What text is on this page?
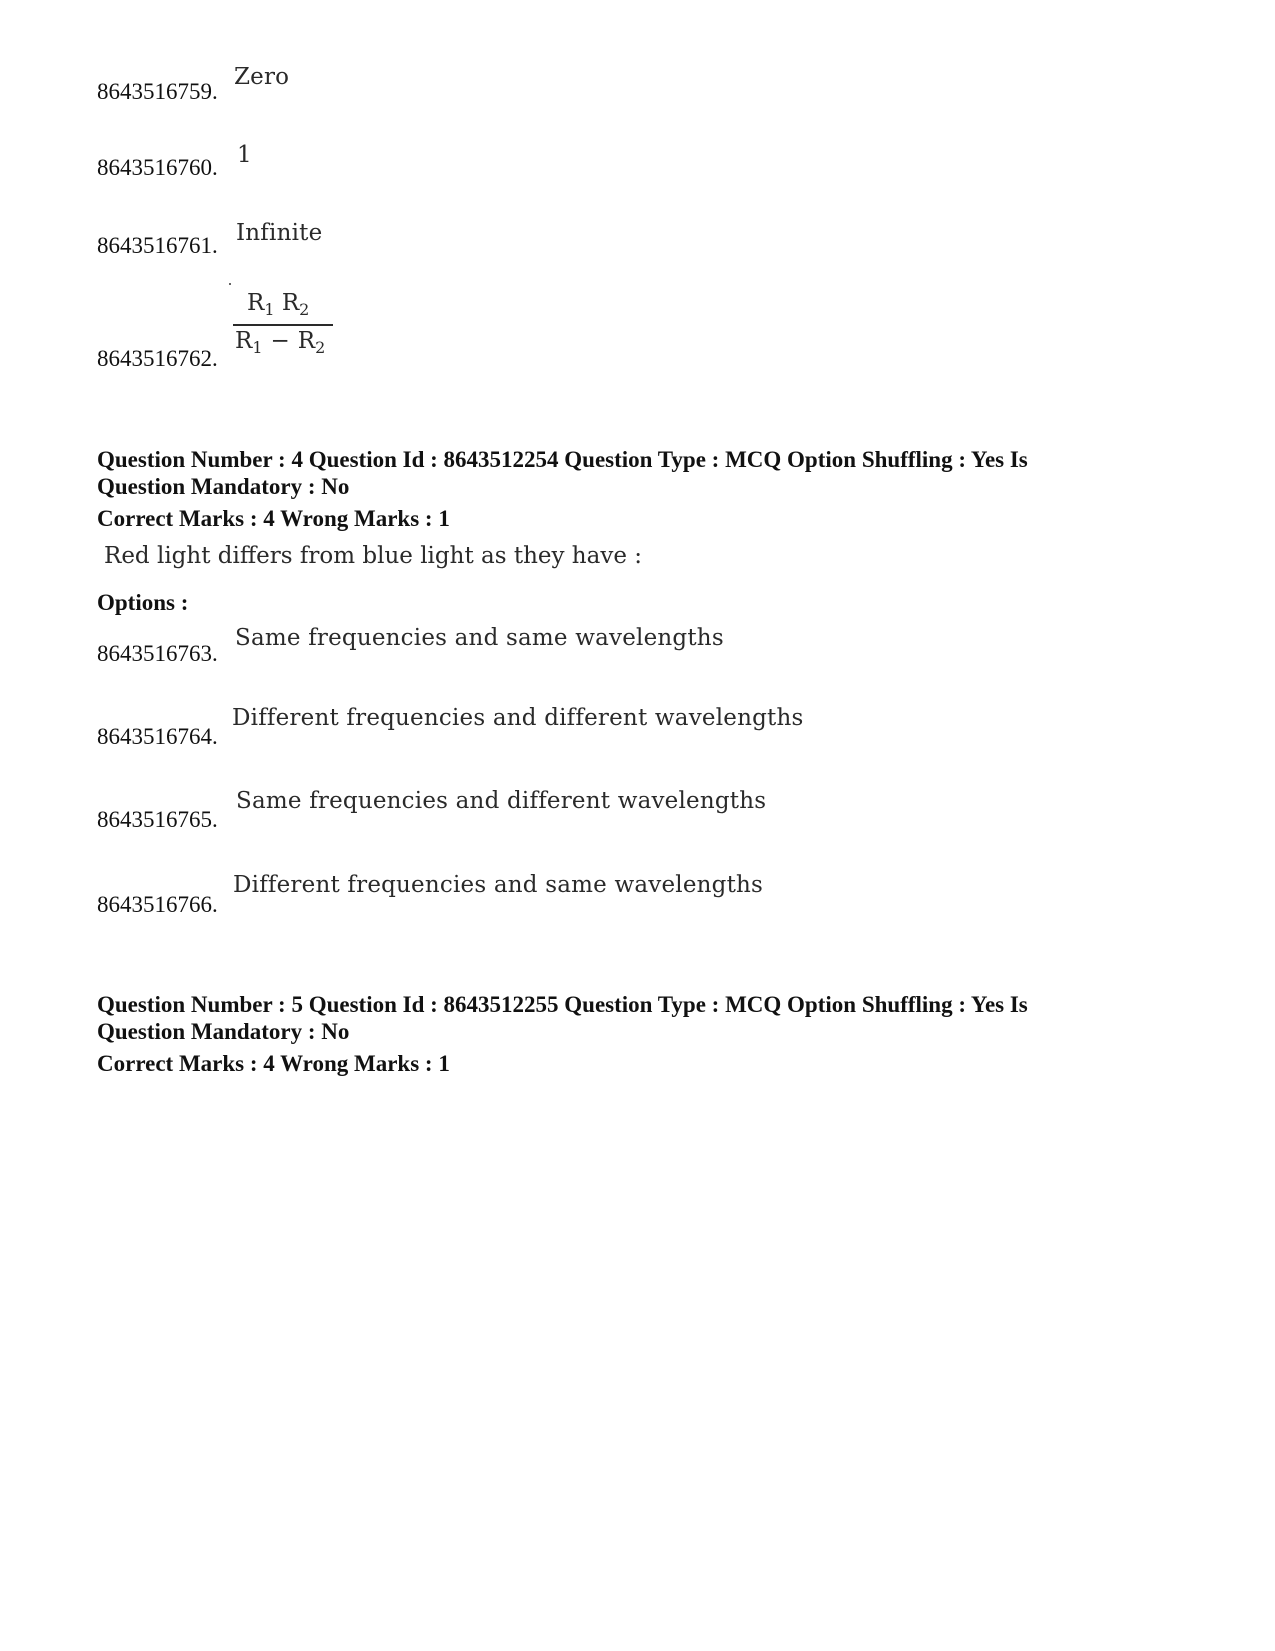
8643516759.
Zero
8643516760. 1
8643516761. Infinite
8643516762.
$R_1$ $R_2$
$R_1 - R_2$
Question Number : 4 Question Id : 8643512254 Question Type : MCQ Option Shuffling : Yes Is
Question Mandatory : No
Correct Marks : 4 Wrong Marks : 1
Red light differs from blue light as they have :
Options :
8643516763.
Same frequencies and same wavelengths
8643516764.
Different frequencies and different wavelengths
8643516765.
Same frequencies and different wavelengths
8643516766.
Different frequencies and same wavelengths
Question Number : 5 Question Id : 8643512255 Question Type : MCQ Option Shuffling : Yes Is
Question Mandatory : No
Correct Marks : 4 Wrong Marks : 1
